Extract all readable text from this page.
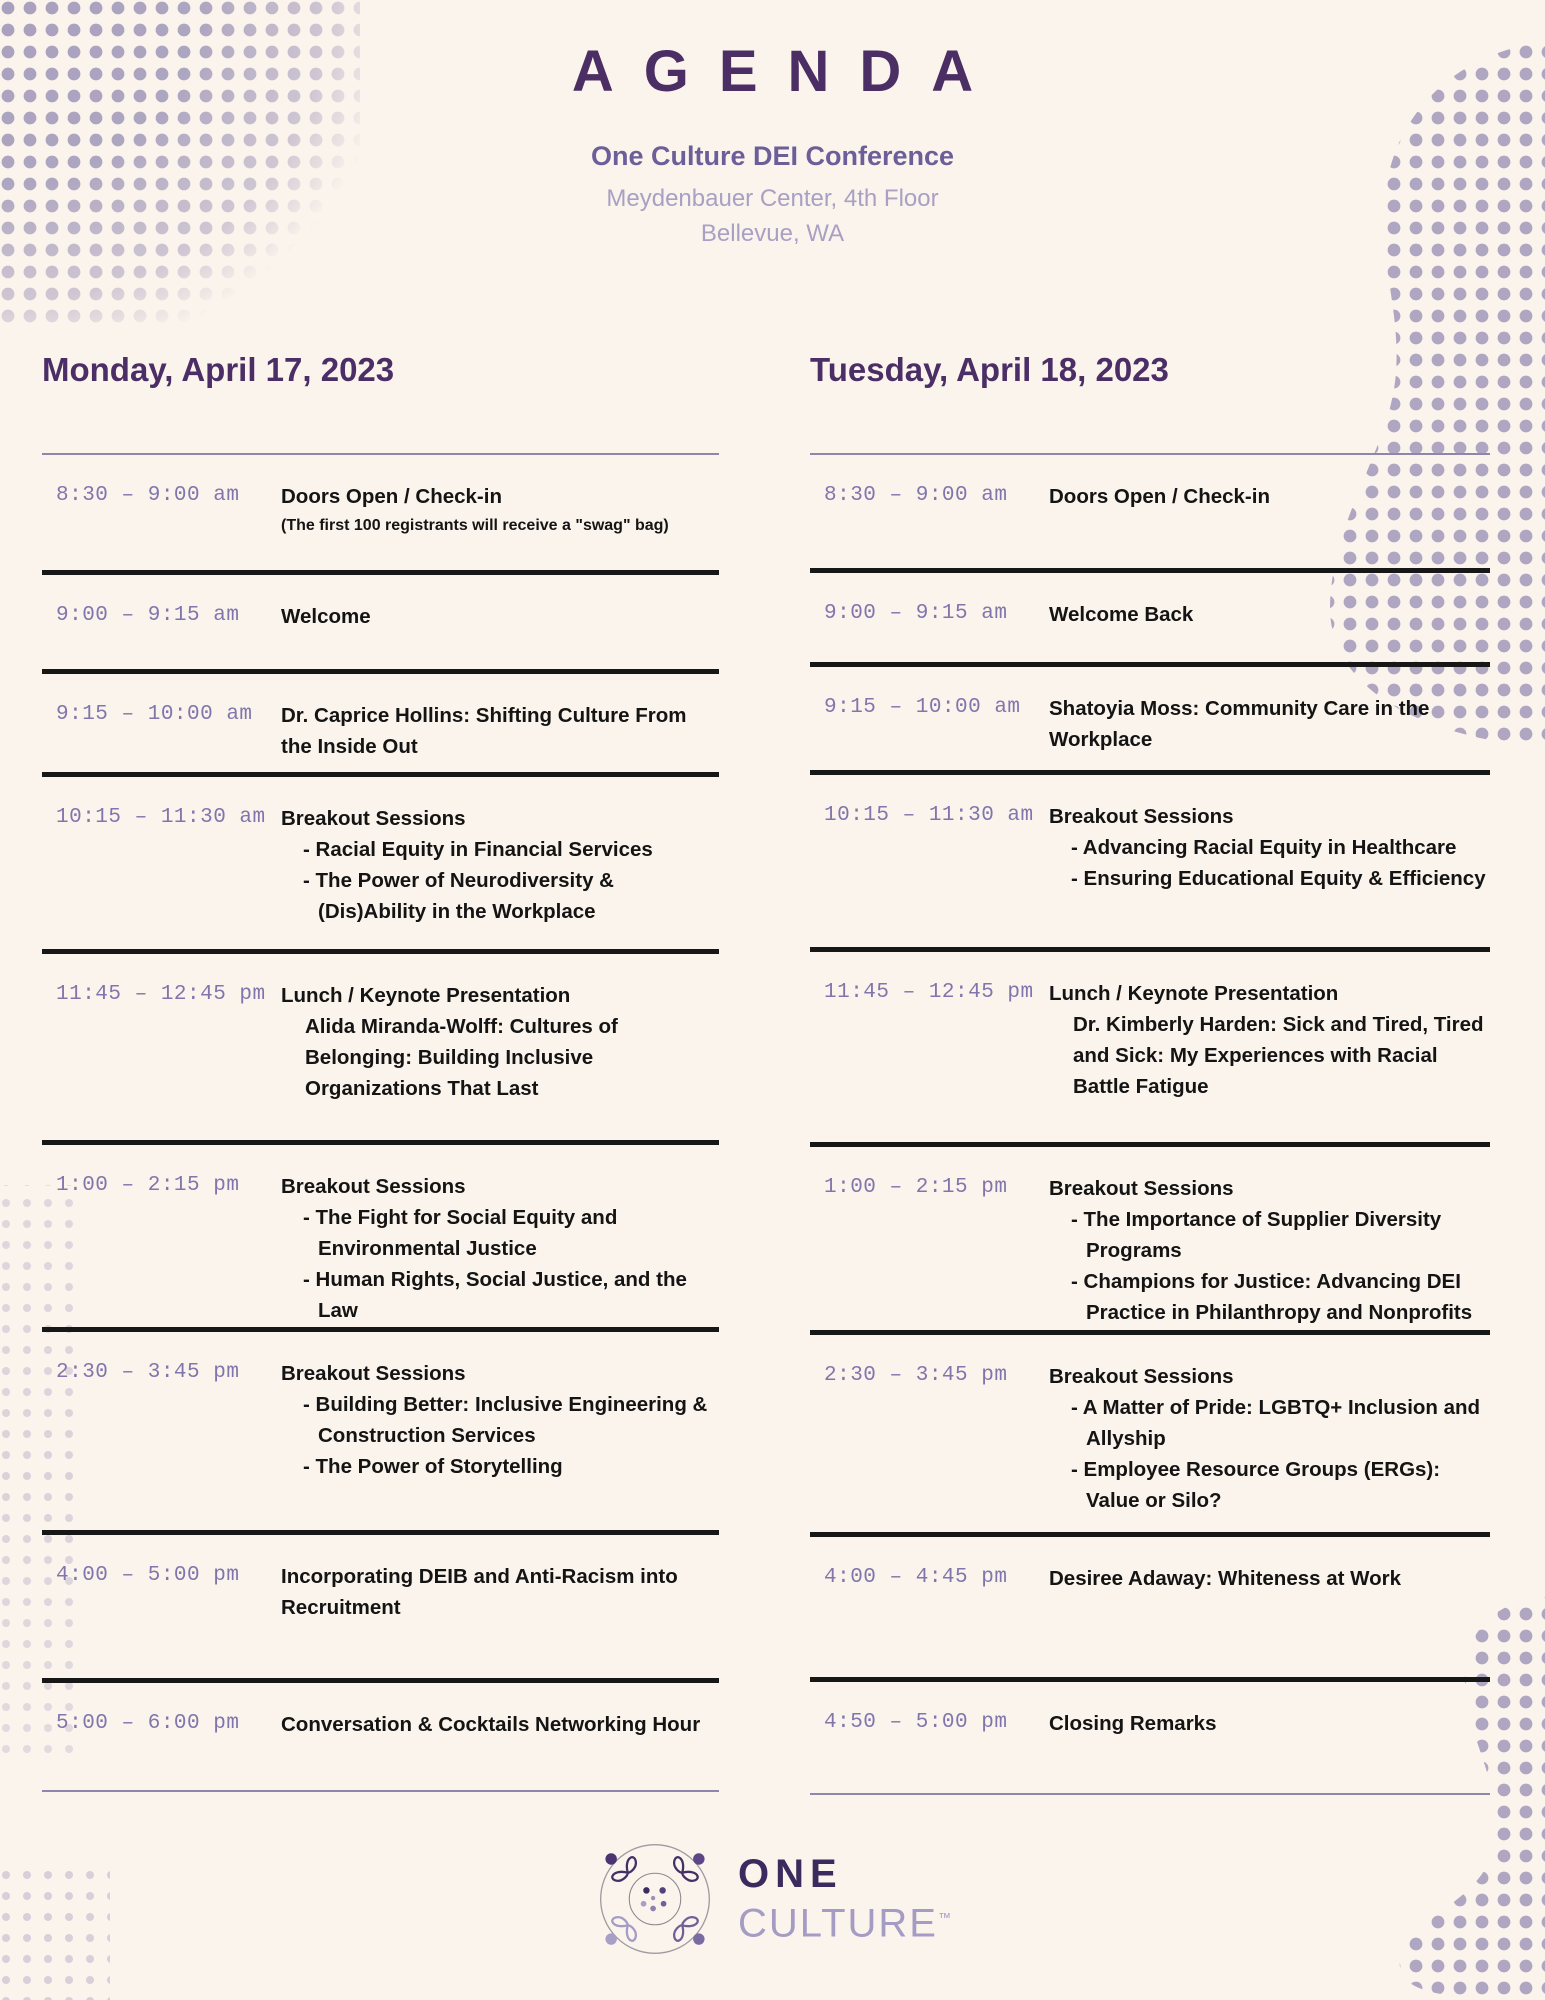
AGENDA
One Culture DEI Conference
Meydenbauer Center, 4th Floor
Bellevue, WA
Monday, April 17, 2023
8:30 – 9:00 am	Doors Open / Check-in
(The first 100 registrants will receive a "swag" bag)
9:00 – 9:15 am	Welcome
9:15 – 10:00 am	Dr. Caprice Hollins: Shifting Culture From the Inside Out
10:15 – 11:30 am Breakout Sessions
- Racial Equity in Financial Services
- The Power of Neurodiversity & (Dis)Ability in the Workplace
11:45 – 12:45 pm Lunch / Keynote Presentation
Alida Miranda-Wolff: Cultures of Belonging: Building Inclusive Organizations That Last
1:00 – 2:15 pm	Breakout Sessions
- The Fight for Social Equity and Environmental Justice
- Human Rights, Social Justice, and the Law
2:30 – 3:45 pm	Breakout Sessions
- Building Better: Inclusive Engineering & Construction Services
- The Power of Storytelling
4:00 – 5:00 pm	Incorporating DEIB and Anti-Racism into Recruitment
5:00 – 6:00 pm	Conversation & Cocktails Networking Hour
Tuesday, April 18, 2023
8:30 – 9:00 am	Doors Open / Check-in
9:00 – 9:15 am	Welcome Back
9:15 – 10:00 am	Shatoyia Moss: Community Care in the Workplace
10:15 – 11:30 am Breakout Sessions
- Advancing Racial Equity in Healthcare
- Ensuring Educational Equity & Efficiency
11:45 – 12:45 pm Lunch / Keynote Presentation
Dr. Kimberly Harden: Sick and Tired, Tired and Sick: My Experiences with Racial Battle Fatigue
1:00 – 2:15 pm	Breakout Sessions
- The Importance of Supplier Diversity Programs
- Champions for Justice: Advancing DEI Practice in Philanthropy and Nonprofits
2:30 – 3:45 pm	Breakout Sessions
- A Matter of Pride: LGBTQ+ Inclusion and Allyship
- Employee Resource Groups (ERGs): Value or Silo?
4:00 – 4:45 pm	Desiree Adaway: Whiteness at Work
4:50 – 5:00 pm	Closing Remarks
ONE
CULTURE™
